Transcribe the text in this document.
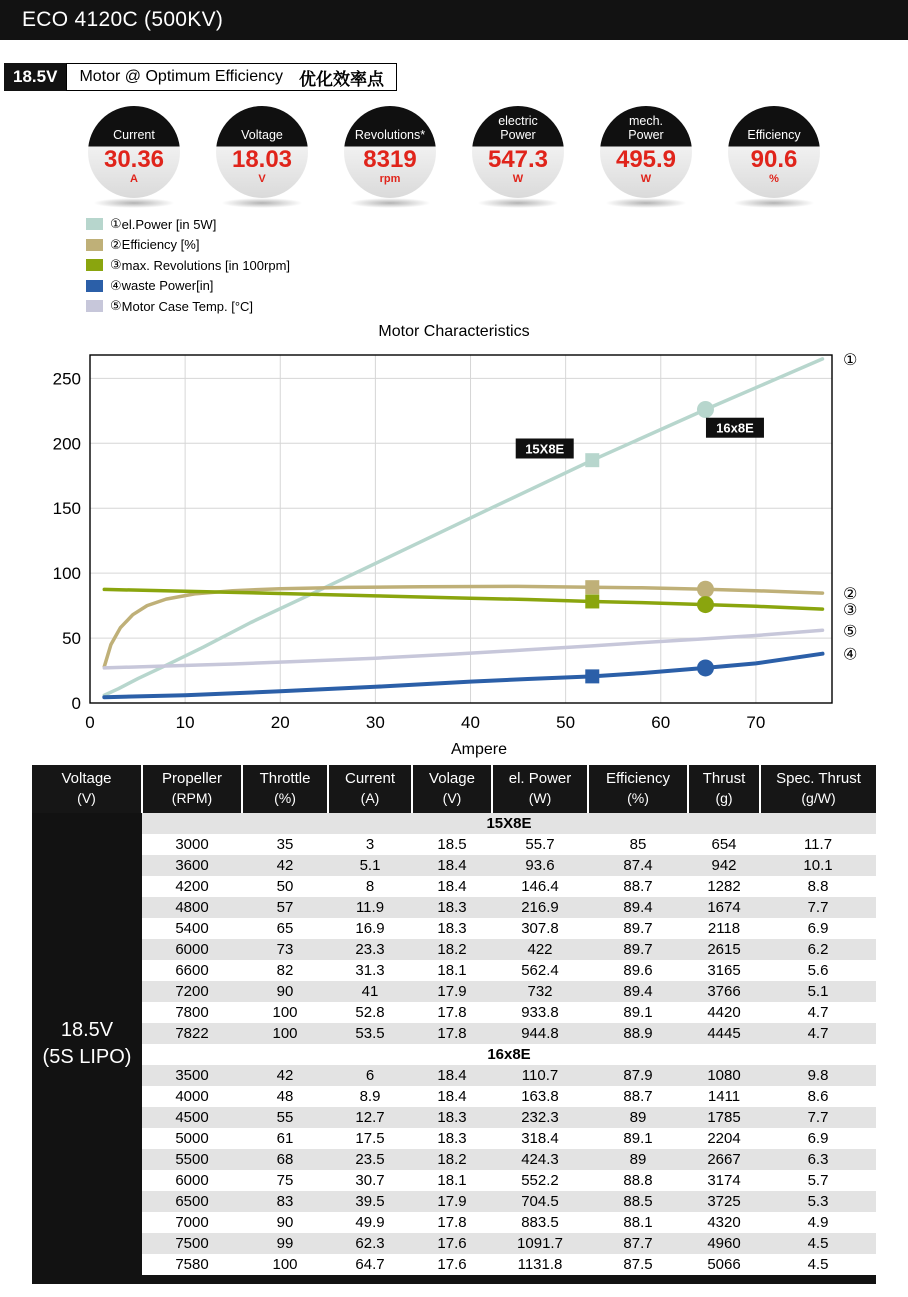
ECO 4120C (500KV)
18.5V	Motor @ Optimum Efficiency 优化效率点
Current
30.36
A
Voltage
18.03
V
Revolutions*
8319
rpm
electric
Power
547.3
W
mech.
Power
495.9
W
Efficiency
90.6
%
① el.Power [in 5W]
② Efficiency [%]
③ max. Revolutions [in 100rpm]
④ waste Power[in]
⑤ Motor Case Temp. [°C]
Motor Characteristics
0
50
100
150
200
250
0	10	20	30	40	50	60	70
15X8E
16x8E
①
②
③
④
⑤
Ampere
Voltage
(V)

Propeller
(RPM)

Throttle
(%)

Current
(A)

Volage
(V)

el. Power
(W)

Efficiency
(%)

Thrust
(g)

Spec. Thrust
(g/W)

18.5V
(5S LIPO)	15X8E							
	3000	35	3	18.5	55.7	85	654	11.7
	3600	42	5.1	18.4	93.6	87.4	942	10.1
	4200	50	8	18.4	146.4	88.7	1282	8.8
	4800	57	11.9	18.3	216.9	89.4	1674	7.7
	5400	65	16.9	18.3	307.8	89.7	2118	6.9
	6000	73	23.3	18.2	422	89.7	2615	6.2
	6600	82	31.3	18.1	562.4	89.6	3165	5.6
	7200	90	41	17.9	732	89.4	3766	5.1
	7800	100	52.8	17.8	933.8	89.1	4420	4.7
	7822	100	53.5	17.8	944.8	88.9	4445	4.7
	16x8E							
	3500	42	6	18.4	110.7	87.9	1080	9.8
	4000	48	8.9	18.4	163.8	88.7	1411	8.6
	4500	55	12.7	18.3	232.3	89	1785	7.7
	5000	61	17.5	18.3	318.4	89.1	2204	6.9
	5500	68	23.5	18.2	424.3	89	2667	6.3
	6000	75	30.7	18.1	552.2	88.8	3174	5.7
	6500	83	39.5	17.9	704.5	88.5	3725	5.3
	7000	90	49.9	17.8	883.5	88.1	4320	4.9
	7500	99	62.3	17.6	1091.7	87.7	4960	4.5
	7580	100	64.7	17.6	1131.8	87.5	5066	4.5
